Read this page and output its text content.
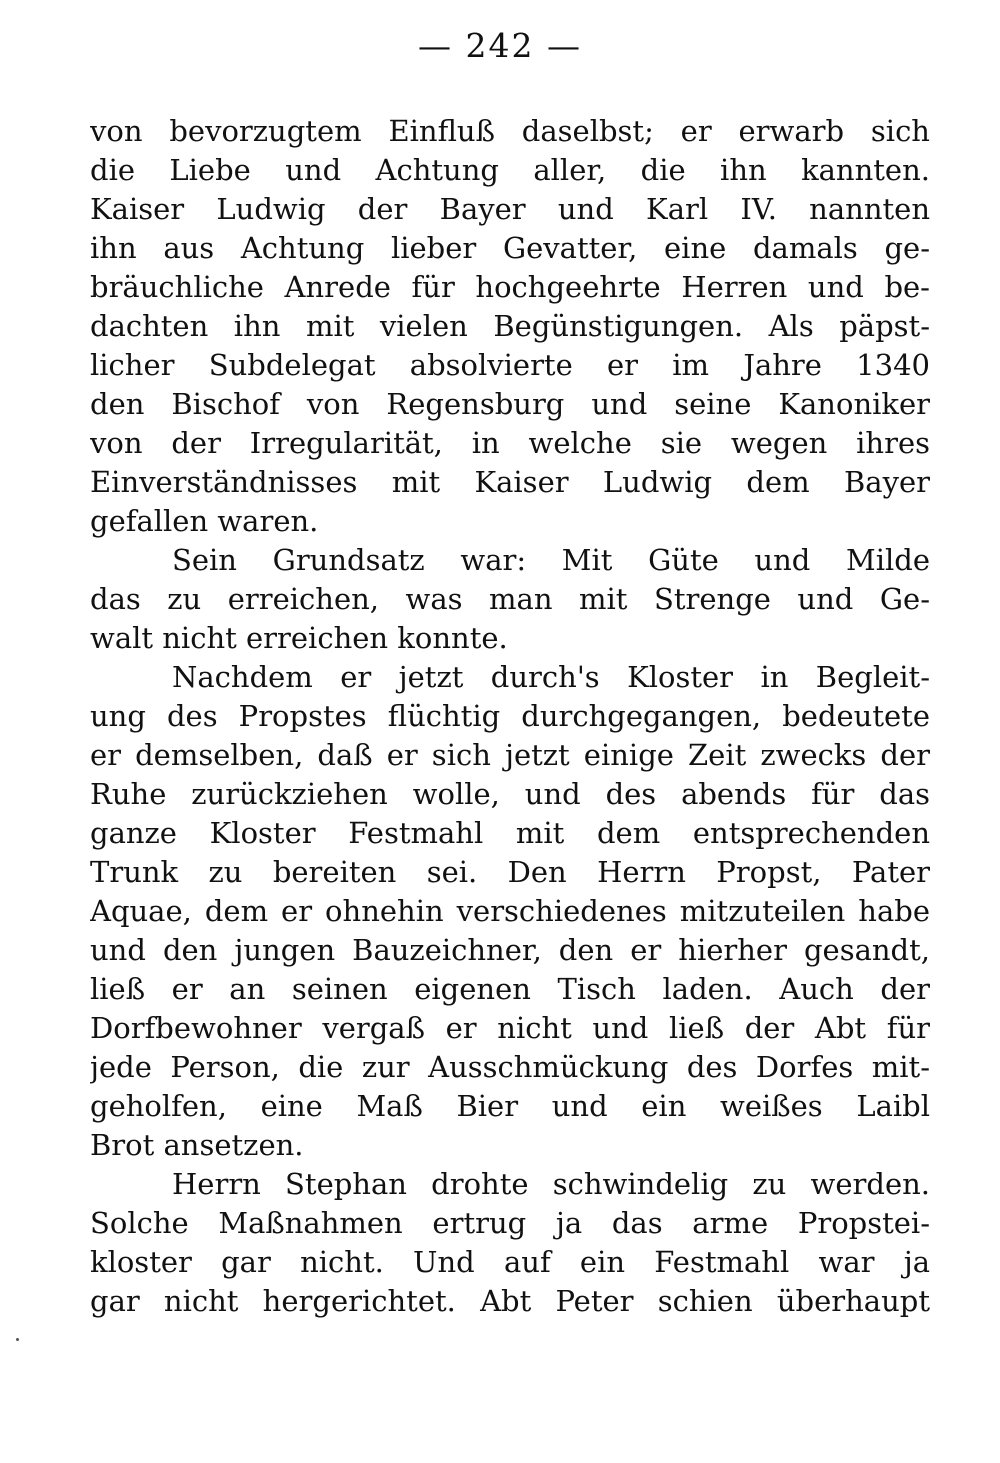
— 242 —
von bevorzugtem Einfluß daselbst; er erwarb sich
die Liebe und Achtung aller, die ihn kannten.
Kaiser Ludwig der Bayer und Karl IV. nannten
ihn aus Achtung lieber Gevatter, eine damals ge-
bräuchliche Anrede für hochgeehrte Herren und be-
dachten ihn mit vielen Begünstigungen. Als päpst-
licher Subdelegat absolvierte er im Jahre 1340
den Bischof von Regensburg und seine Kanoniker
von der Irregularität, in welche sie wegen ihres
Einverständnisses mit Kaiser Ludwig dem Bayer
gefallen waren.
Sein Grundsatz war: Mit Güte und Milde
das zu erreichen, was man mit Strenge und Ge-
walt nicht erreichen konnte.
Nachdem er jetzt durch's Kloster in Begleit-
ung des Propstes flüchtig durchgegangen, bedeutete
er demselben, daß er sich jetzt einige Zeit zwecks der
Ruhe zurückziehen wolle, und des abends für das
ganze Kloster Festmahl mit dem entsprechenden
Trunk zu bereiten sei. Den Herrn Propst, Pater
Aquae, dem er ohnehin verschiedenes mitzuteilen habe
und den jungen Bauzeichner, den er hierher gesandt,
ließ er an seinen eigenen Tisch laden. Auch der
Dorfbewohner vergaß er nicht und ließ der Abt für
jede Person, die zur Ausschmückung des Dorfes mit-
geholfen, eine Maß Bier und ein weißes Laibl
Brot ansetzen.
Herrn Stephan drohte schwindelig zu werden.
Solche Maßnahmen ertrug ja das arme Propstei-
kloster gar nicht. Und auf ein Festmahl war ja
gar nicht hergerichtet. Abt Peter schien überhaupt
